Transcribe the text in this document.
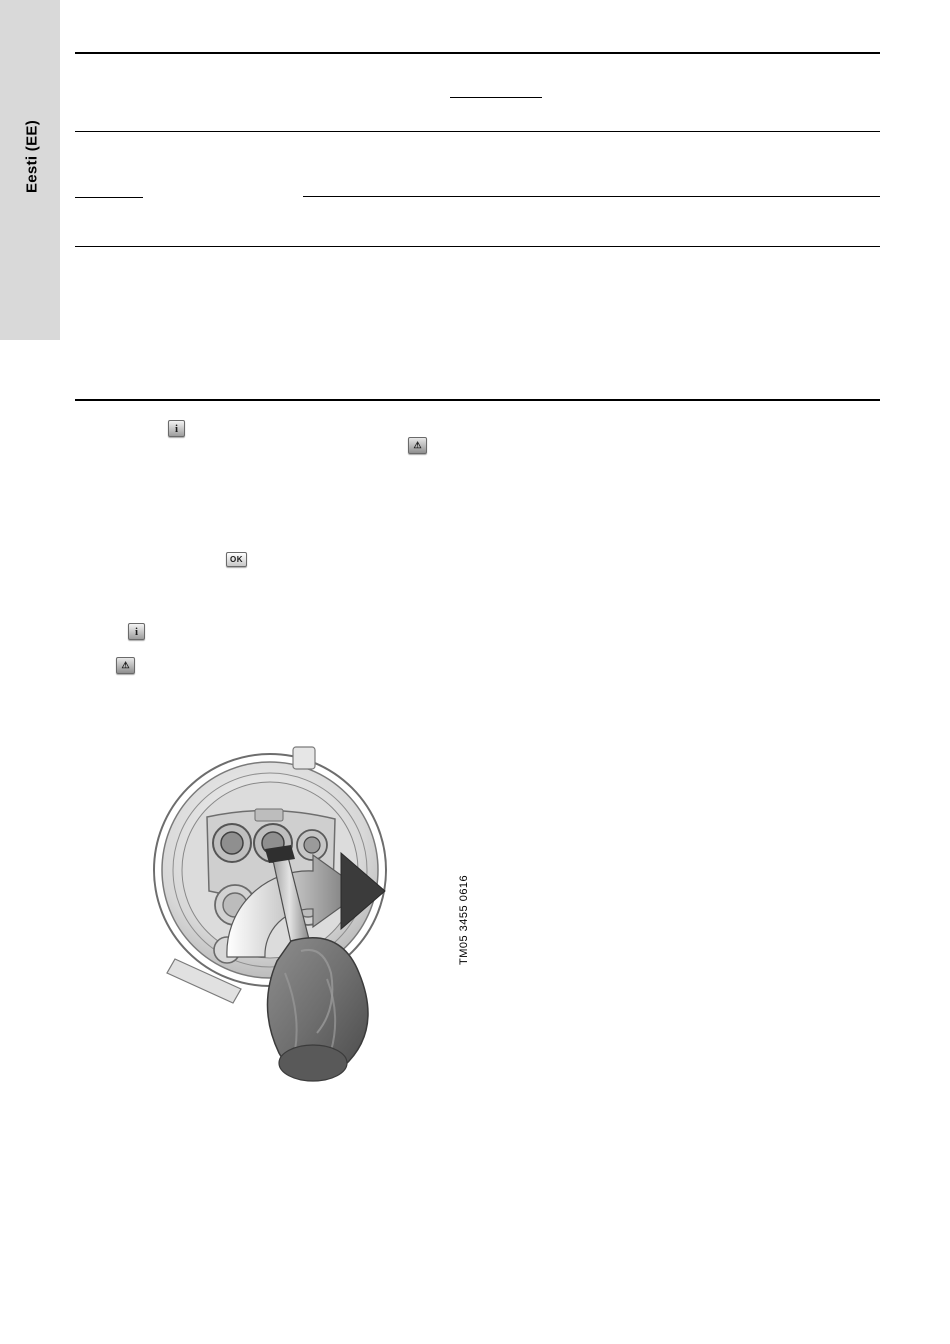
Eesti (EE)
i
⚠
OK
i
⚠
TM05 3455 0616
